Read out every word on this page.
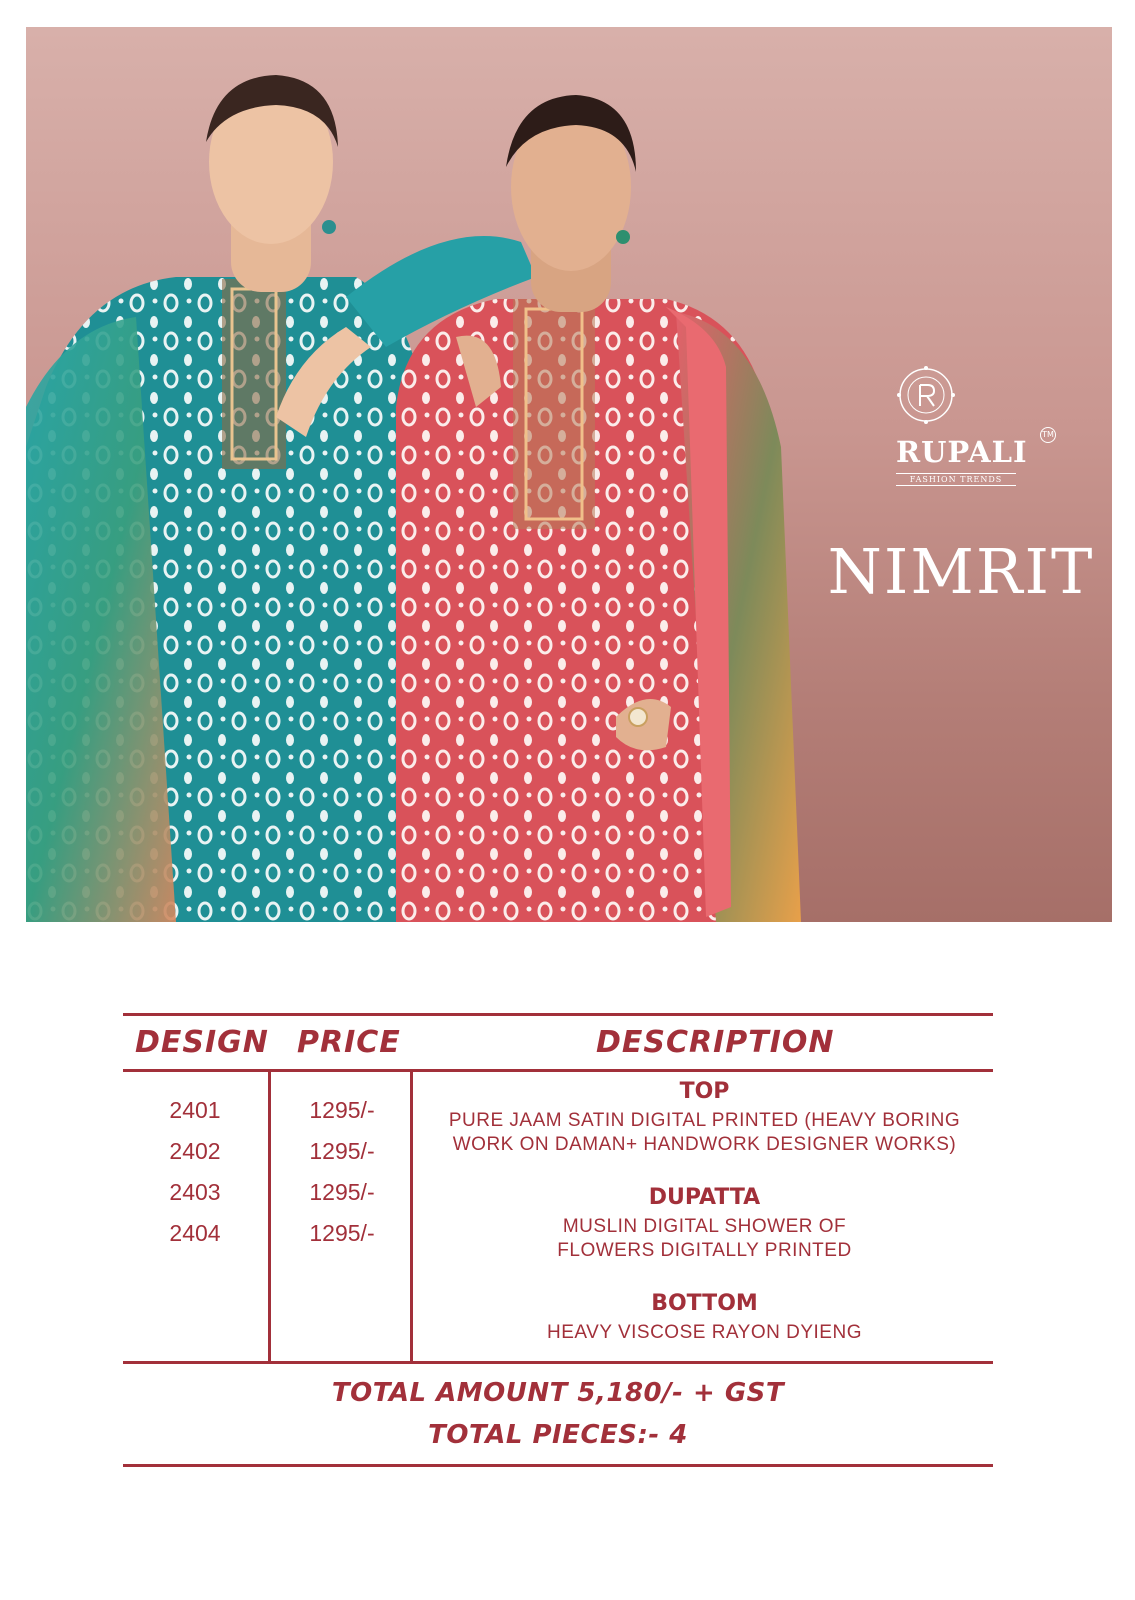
RUPALI
TM
FASHION TRENDS
NIMRIT
DESIGN PRICE	DESCRIPTION
2401	1295/-
2402	1295/-
2403	1295/-
2404	1295/-
TOP
PURE JAAM SATIN DIGITAL PRINTED (HEAVY BORING
WORK ON DAMAN+ HANDWORK DESIGNER WORKS)
DUPATTA
MUSLIN DIGITAL SHOWER OF
FLOWERS DIGITALLY PRINTED
BOTTOM
HEAVY VISCOSE RAYON DYIENG
TOTAL AMOUNT 5,180/- + GST
TOTAL PIECES:- 4
